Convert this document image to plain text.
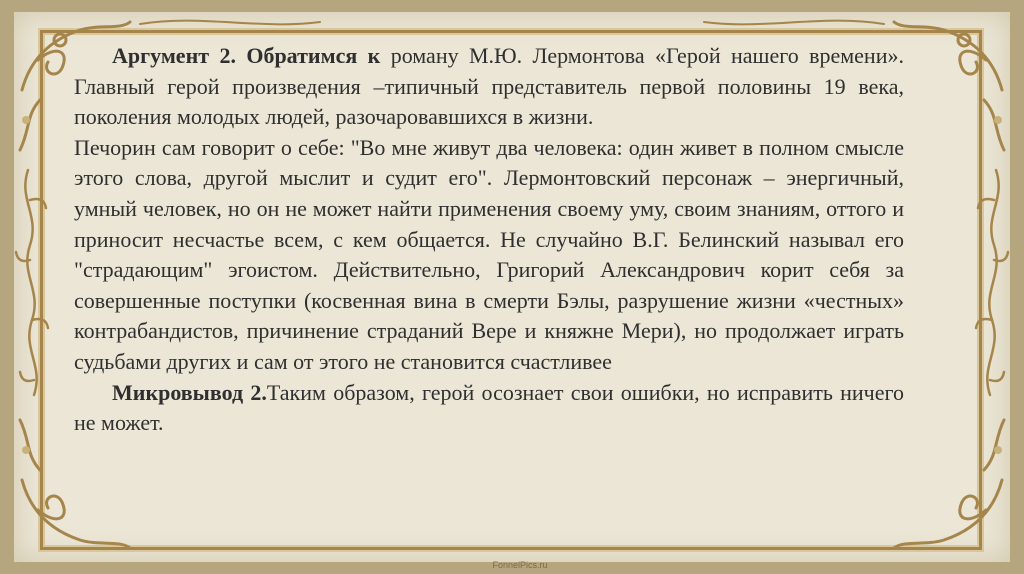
Аргумент 2. Обратимся к роману М.Ю. Лермонтова «Герой нашего времени». Главный герой произведения –типичный представитель первой половины 19 века, поколения молодых людей, разочаровавшихся в жизни.

Печорин сам говорит о себе: "Во мне живут два человека: один живет в полном смысле этого слова, другой мыслит и судит его". Лермонтовский персонаж – энергичный, умный человек, но он не может найти применения своему уму, своим знаниям, оттого и приносит несчастье всем, с кем общается. Не случайно В.Г. Белинский называл его "страдающим" эгоистом. Действительно, Григорий Александрович корит себя за совершенные поступки (косвенная вина в смерти Бэлы, разрушение жизни «честных» контрабандистов, причинение страданий Вере и княжне Мери), но продолжает играть судьбами других и сам от этого не становится счастливее

Микровывод 2.Таким образом, герой осознает свои ошибки, но исправить ничего не может.

FonnelPics.ru
